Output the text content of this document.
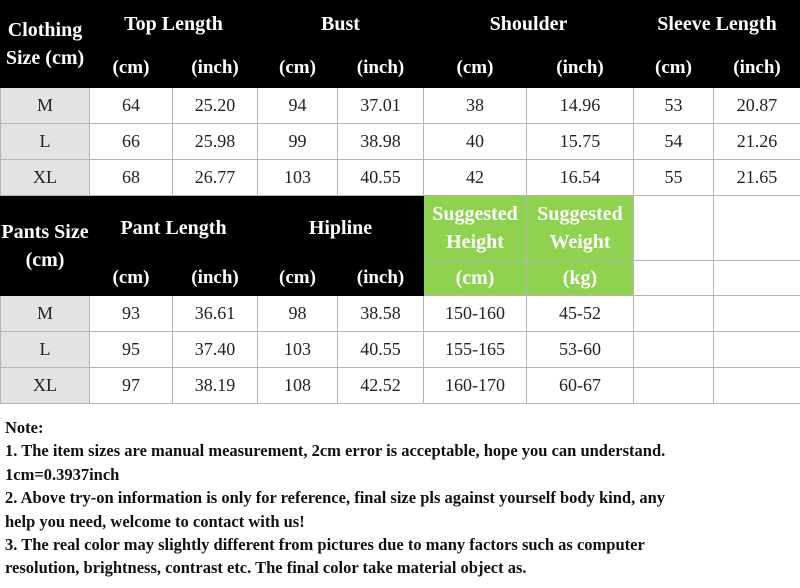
Clothing Size (cm)	Top Length		Bust		Shoulder		Sleeve Length	
	(cm)	(inch)	(cm)	(inch)	(cm)	(inch)	(cm)	(inch)
M	64	25.20	94	37.01	38	14.96	53	20.87
L	66	25.98	99	38.98	40	15.75	54	21.26
XL	68	26.77	103	40.55	42	16.54	55	21.65
Pants Size (cm)	Pant Length		Hipline		Suggested Height	Suggested Weight		
	(cm)	(inch)	(cm)	(inch)	(cm)	(kg)		
M	93	36.61	98	38.58	150-160	45-52		
L	95	37.40	103	40.55	155-165	53-60		
XL	97	38.19	108	42.52	160-170	60-67		
Note:
1. The item sizes are manual measurement, 2cm error is acceptable, hope you can understand.
1cm=0.3937inch
2. Above try-on information is only for reference, final size pls against yourself body kind, any
help you need, welcome to contact with us!
3. The real color may slightly different from pictures due to many factors such as computer
resolution, brightness, contrast etc. The final color take material object as.
